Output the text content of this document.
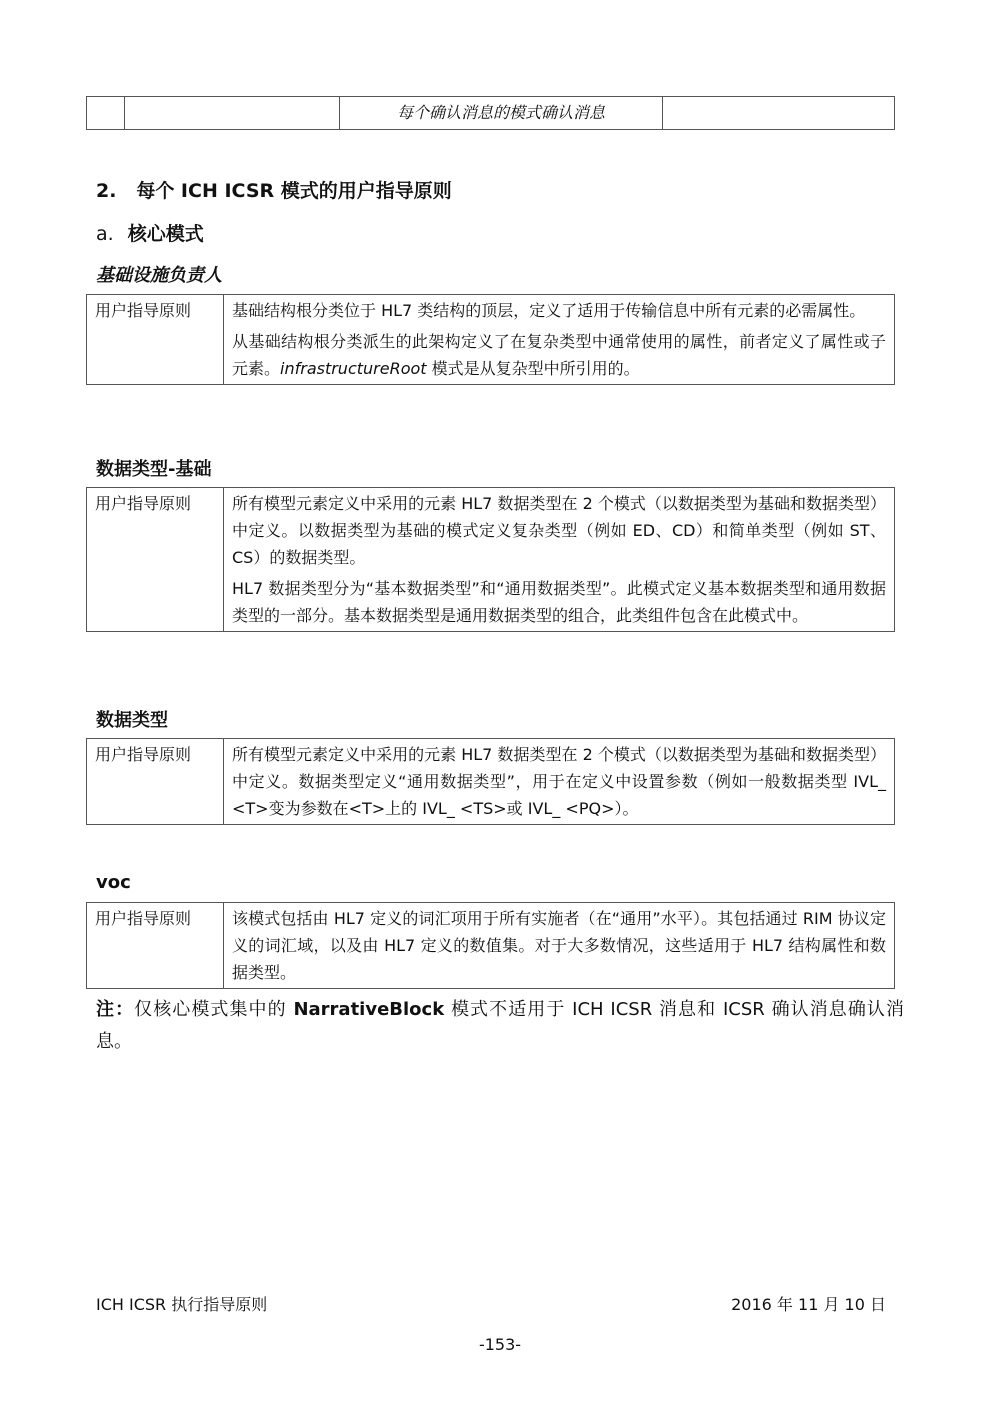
		每个确认消息的模式确认消息	
2. 每个 ICH ICSR 模式的用户指导原则
a. 核心模式
基础设施负责人
用户指导原则	基础结构根分类位于 HL7 类结构的顶层，定义了适用于传输信息中所有元素的必需属性。

从基础结构根分类派生的此架构定义了在复杂类型中通常使用的属性，前者定义了属性或子元素。infrastructureRoot 模式是从复杂型中所引用的。

数据类型-基础
用户指导原则	所有模型元素定义中采用的元素 HL7 数据类型在 2 个模式（以数据类型为基础和数据类型）中定义。以数据类型为基础的模式定义复杂类型（例如 ED、CD）和简单类型（例如 ST、CS）的数据类型。

HL7 数据类型分为“基本数据类型”和“通用数据类型”。此模式定义基本数据类型和通用数据类型的一部分。基本数据类型是通用数据类型的组合，此类组件包含在此模式中。

数据类型
用户指导原则	所有模型元素定义中采用的元素 HL7 数据类型在 2 个模式（以数据类型为基础和数据类型）中定义。数据类型定义“通用数据类型”，用于在定义中设置参数（例如一般数据类型 IVL_ <T>变为参数在<T>上的 IVL_ <TS>或 IVL_ <PQ>）。

voc
用户指导原则	该模式包括由 HL7 定义的词汇项用于所有实施者（在“通用”水平）。其包括通过 RIM 协议定义的词汇域，以及由 HL7 定义的数值集。对于大多数情况，这些适用于 HL7 结构属性和数据类型。

注：仅核心模式集中的 NarrativeBlock 模式不适用于 ICH ICSR 消息和 ICSR 确认消息确认消息。
ICH ICSR 执行指导原则	2016 年 11 月 10 日
-153-
